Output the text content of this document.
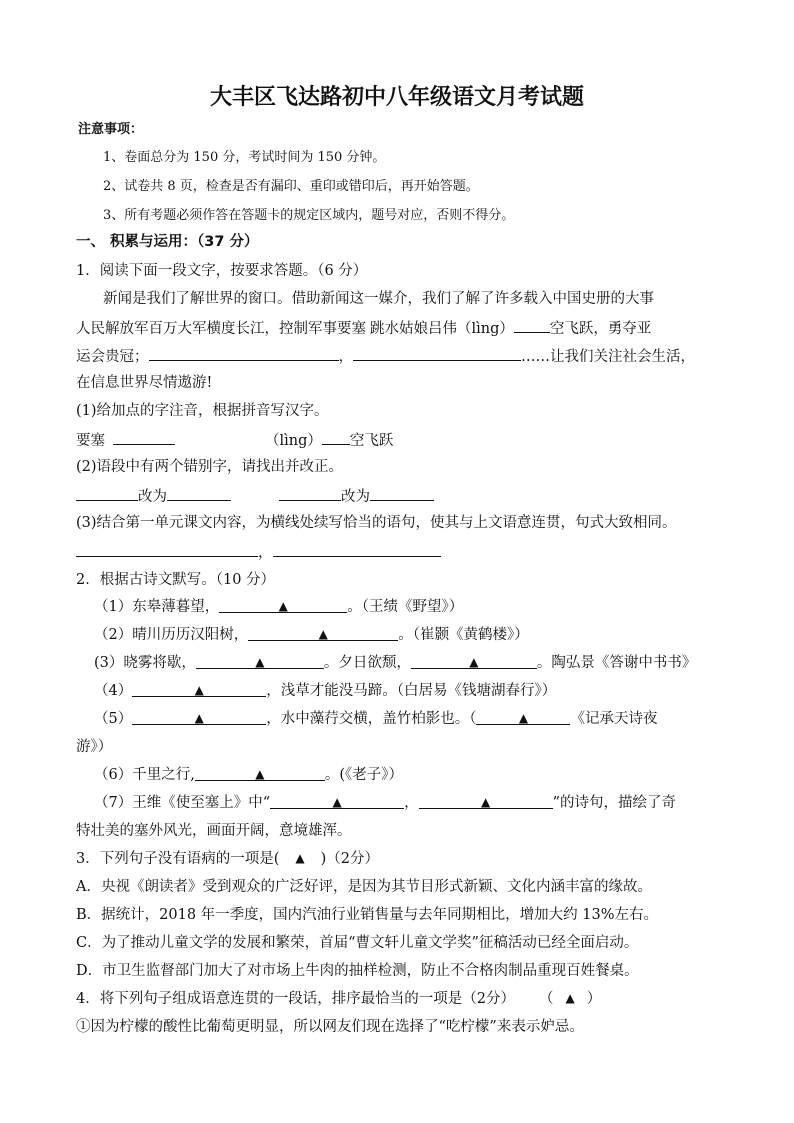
大丰区飞达路初中八年级语文月考试题
注意事项：
1、卷面总分为 150 分，考试时间为 150 分钟。
2、试卷共 8 页，检查是否有漏印、重印或错印后，再开始答题。
3、所有考题必须作答在答题卡的规定区域内，题号对应，否则不得分。
一、 积累与运用：（37 分）
1．阅读下面一段文字，按要求答题。（6 分）
新闻是我们了解世界的窗口。借助新闻这一媒介，我们了解了许多载入中国史册的大事
人民解放军百万大军横度长江，控制军事要塞 跳水姑娘吕伟（lìng） 空飞跃，勇夺亚
运会贵冠；	，	……让我们关注社会生活，
在信息世界尽情遨游!
(1)给加点的字注音，根据拼音写汉字。
要塞	（lìng） 空飞跃
(2)语段中有两个错别字，请找出并改正。
改为	改为
(3)结合第一单元课文内容，为横线处续写恰当的语句，使其与上文语意连贯，句式大致相同。
，
2．根据古诗文默写。（10 分）
（1）东皋薄暮望，	▲	。（王绩《野望》）
（2）晴川历历汉阳树，	▲	。（崔颢《黄鹤楼》）
(3）晓雾将歇，	▲	。夕日欲颓，	▲	。陶弘景《答谢中书书》
（4）	▲	，浅草才能没马蹄。（白居易《钱塘湖春行》）
（5）	▲	，水中藻荇交横，盖竹柏影也。（	▲	《记承天诗夜
游》）
（6）千里之行,	▲	。(《老子》）
（7）王维《使至塞上》中“	▲	，	▲	”的诗句，描绘了奇
特壮美的塞外风光，画面开阔，意境雄浑。
3．下列句子没有语病的一项是( ▲ )（2分）
A．央视《朗读者》受到观众的广泛好评，是因为其节目形式新颖、文化内涵丰富的缘故。
B．据统计，2018 年一季度，国内汽油行业销售量与去年同期相比，增加大约 13%左右。
C．为了推动儿童文学的发展和繁荣，首届“曹文轩儿童文学奖”征稿活动已经全面启动。
D．市卫生监督部门加大了对市场上牛肉的抽样检测，防止不合格肉制品重现百姓餐桌。
4．将下列句子组成语意连贯的一段话，排序最恰当的一项是（2分） （ ▲ ）
①因为柠檬的酸性比葡萄更明显，所以网友们现在选择了“吃柠檬”来表示妒忌。
